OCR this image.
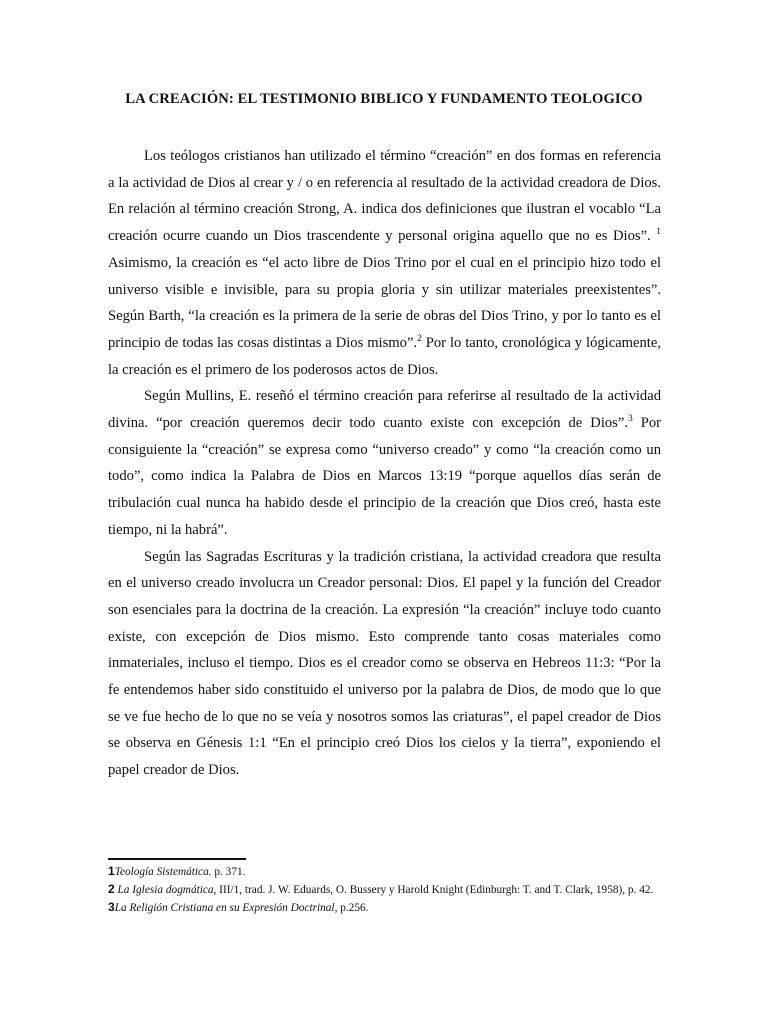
LA CREACIÓN: EL TESTIMONIO BIBLICO Y FUNDAMENTO TEOLOGICO

Los teólogos cristianos han utilizado el término “creación” en dos formas en referencia a la actividad de Dios al crear y / o en referencia al resultado de la actividad creadora de Dios. En relación al término creación Strong, A. indica dos definiciones que ilustran el vocablo “La creación ocurre cuando un Dios trascendente y personal origina aquello que no es Dios”. $^1$ Asimismo, la creación es “el acto libre de Dios Trino por el cual en el principio hizo todo el universo visible e invisible, para su propia gloria y sin utilizar materiales preexistentes”. Según Barth, “la creación es la primera de la serie de obras del Dios Trino, y por lo tanto es el principio de todas las cosas distintas a Dios mismo”.$^2$ Por lo tanto, cronológica y lógicamente, la creación es el primero de los poderosos actos de Dios.

Según Mullins, E. reseñó el término creación para referirse al resultado de la actividad divina. “por creación queremos decir todo cuanto existe con excepción de Dios”.$^3$ Por consiguiente la “creación” se expresa como “universo creado” y como “la creación como un todo”, como indica la Palabra de Dios en Marcos 13:19 “porque aquellos días serán de tribulación cual nunca ha habido desde el principio de la creación que Dios creó, hasta este tiempo, ni la habrá”.

Según las Sagradas Escrituras y la tradición cristiana, la actividad creadora que resulta en el universo creado involucra un Creador personal: Dios. El papel y la función del Creador son esenciales para la doctrina de la creación. La expresión “la creación” incluye todo cuanto existe, con excepción de Dios mismo. Esto comprende tanto cosas materiales como inmateriales, incluso el tiempo. Dios es el creador como se observa en Hebreos 11:3: “Por la fe entendemos haber sido constituido el universo por la palabra de Dios, de modo que lo que se ve fue hecho de lo que no se veía y nosotros somos las criaturas”, el papel creador de Dios se observa en Génesis 1:1 “En el principio creó Dios los cielos y la tierra”, exponiendo el papel creador de Dios.

1Teología Sistemática. p. 371.
2 La Iglesia dogmática, III/1, trad. J. W. Eduards, O. Bussery y Harold Knight (Edinburgh: T. and T. Clark, 1958), p. 42.
3La Religión Cristiana en su Expresión Doctrinal, p.256.
